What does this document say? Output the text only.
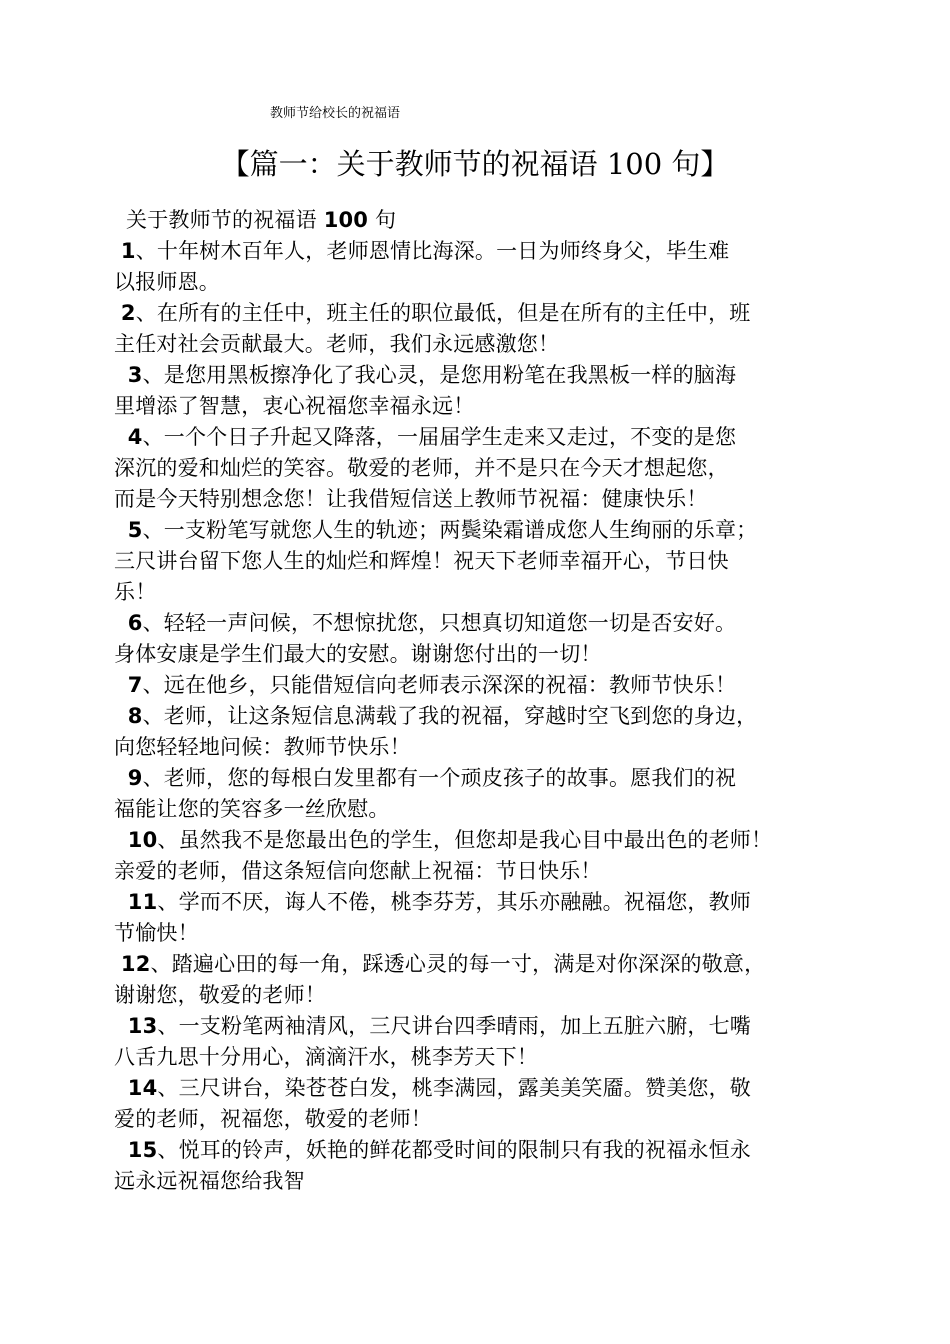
教师节给校长的祝福语
【篇一：关于教师节的祝福语 100 句】
关于教师节的祝福语 100 句
1、十年树木百年人，老师恩情比海深。一日为师终身父，毕生难
以报师恩。
2、在所有的主任中，班主任的职位最低，但是在所有的主任中，班
主任对社会贡献最大。老师，我们永远感激您！
3、是您用黑板擦净化了我心灵，是您用粉笔在我黑板一样的脑海
里增添了智慧，衷心祝福您幸福永远！
4、一个个日子升起又降落，一届届学生走来又走过，不变的是您
深沉的爱和灿烂的笑容。敬爱的老师，并不是只在今天才想起您，
而是今天特别想念您！让我借短信送上教师节祝福：健康快乐！
5、一支粉笔写就您人生的轨迹；两鬓染霜谱成您人生绚丽的乐章；
三尺讲台留下您人生的灿烂和辉煌！祝天下老师幸福开心，节日快
乐！
6、轻轻一声问候，不想惊扰您，只想真切知道您一切是否安好。
身体安康是学生们最大的安慰。谢谢您付出的一切！
7、远在他乡，只能借短信向老师表示深深的祝福：教师节快乐！
8、老师，让这条短信息满载了我的祝福，穿越时空飞到您的身边，
向您轻轻地问候：教师节快乐！
9、老师，您的每根白发里都有一个顽皮孩子的故事。愿我们的祝
福能让您的笑容多一丝欣慰。
10、虽然我不是您最出色的学生，但您却是我心目中最出色的老师！
亲爱的老师，借这条短信向您献上祝福：节日快乐！
11、学而不厌，诲人不倦，桃李芬芳，其乐亦融融。祝福您，教师
节愉快！
12、踏遍心田的每一角，踩透心灵的每一寸，满是对你深深的敬意，
谢谢您，敬爱的老师！
13、一支粉笔两袖清风，三尺讲台四季晴雨，加上五脏六腑，七嘴
八舌九思十分用心，滴滴汗水，桃李芳天下！
14、三尺讲台，染苍苍白发，桃李满园，露美美笑靥。赞美您，敬
爱的老师，祝福您，敬爱的老师！
15、悦耳的铃声，妖艳的鲜花都受时间的限制只有我的祝福永恒永
远永远祝福您给我智
